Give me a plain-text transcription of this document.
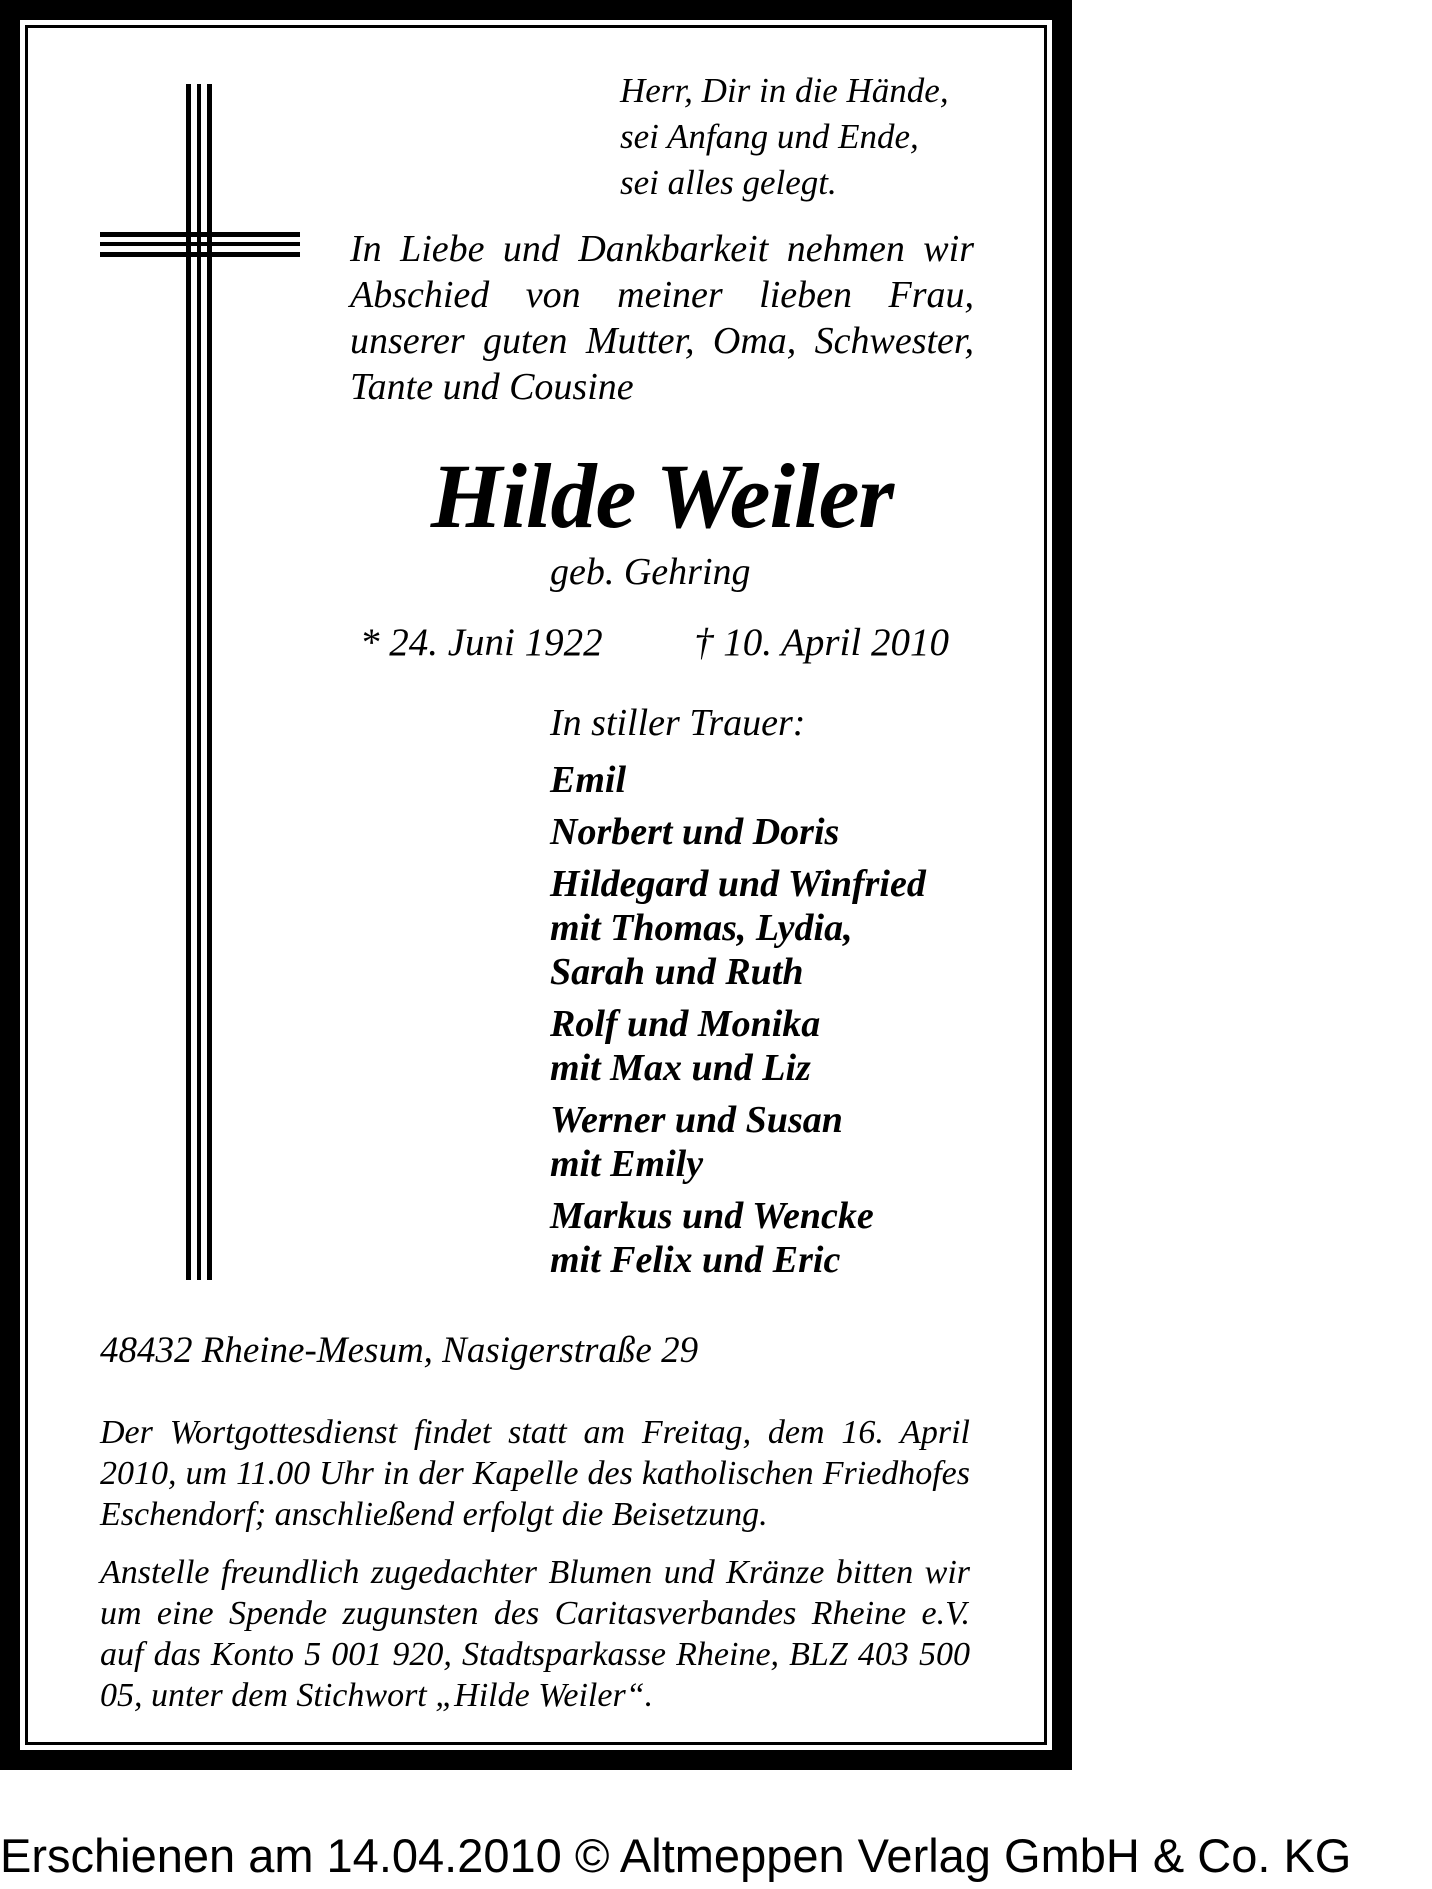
Herr, Dir in die Hände,
sei Anfang und Ende,
sei alles gelegt.

In Liebe und Dankbarkeit nehmen wir Abschied von meiner lieben Frau, unserer guten Mutter, Oma, Schwester, Tante und Cousine

Hilde Weiler
geb. Gehring
* 24. Juni 1922 † 10. April 2010
In stiller Trauer:
Emil
Norbert und Doris
Hildegard und Winfried
mit Thomas, Lydia,
Sarah und Ruth
Rolf und Monika
mit Max und Liz
Werner und Susan
mit Emily
Markus und Wencke
mit Felix und Eric
48432 Rheine-Mesum, Nasigerstraße 29
Der Wortgottesdienst findet statt am Freitag, dem 16. April 2010, um 11.00 Uhr in der Kapelle des katholischen Friedhofes Eschendorf; anschließend erfolgt die Beisetzung.
Anstelle freundlich zugedachter Blumen und Kränze bitten wir um eine Spende zugunsten des Caritasverbandes Rheine e.V. auf das Konto 5 001 920, Stadtsparkasse Rheine, BLZ 403 500 05, unter dem Stichwort „Hilde Weiler“.
Erschienen am 14.04.2010 © Altmeppen Verlag GmbH & Co. KG
